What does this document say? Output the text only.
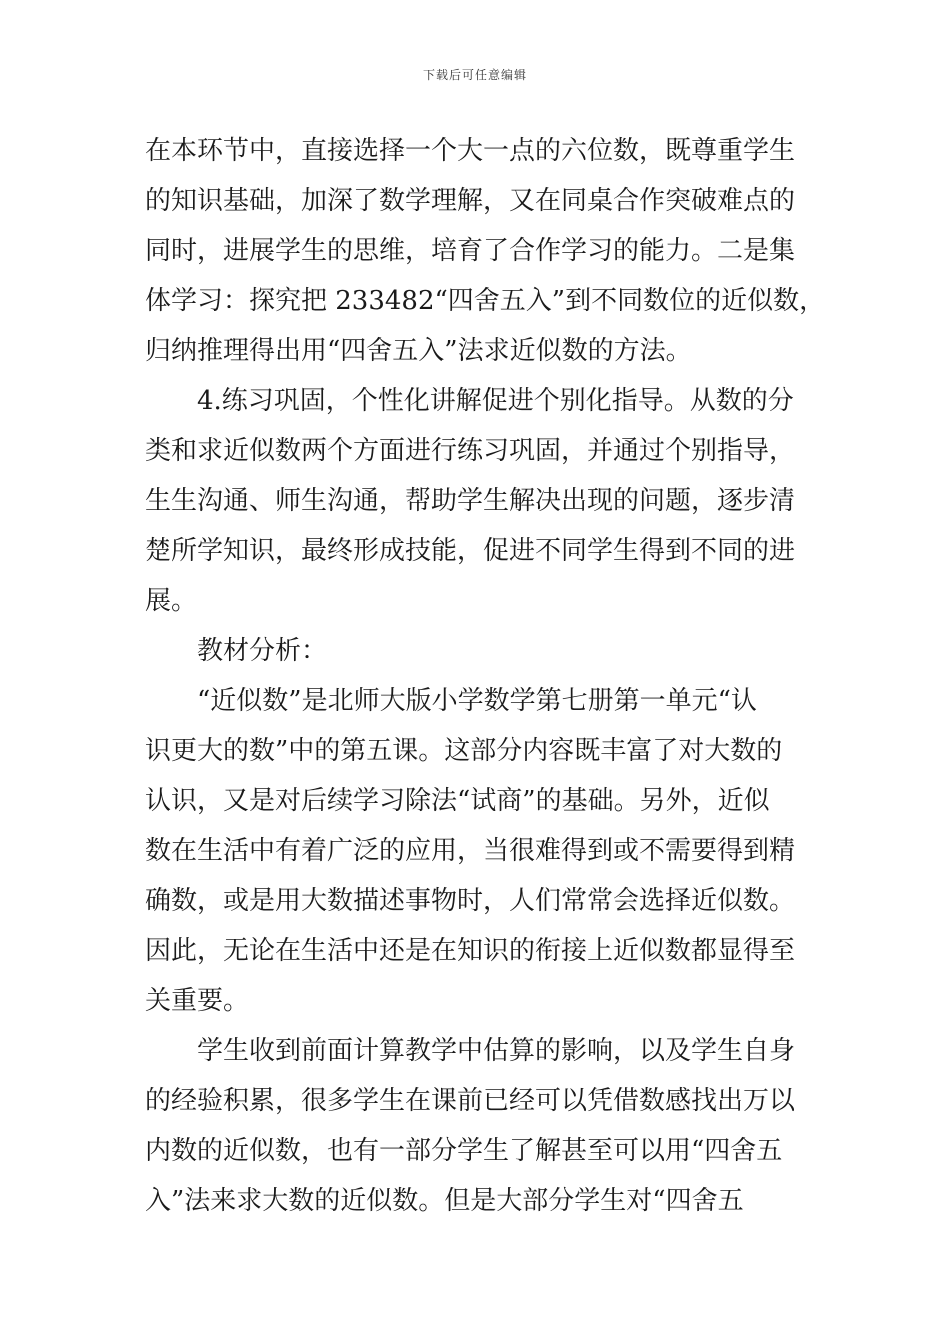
下载后可任意编辑
在本环节中，直接选择一个大一点的六位数，既尊重学生
的知识基础，加深了数学理解，又在同桌合作突破难点的
同时，进展学生的思维，培育了合作学习的能力。二是集
体学习：探究把 233482“四舍五入”到不同数位的近似数，
归纳推理得出用“四舍五入”法求近似数的方法。
4.练习巩固，个性化讲解促进个别化指导。从数的分
类和求近似数两个方面进行练习巩固，并通过个别指导，
生生沟通、师生沟通，帮助学生解决出现的问题，逐步清
楚所学知识，最终形成技能，促进不同学生得到不同的进
展。
教材分析：
“近似数”是北师大版小学数学第七册第一单元“认
识更大的数”中的第五课。这部分内容既丰富了对大数的
认识，又是对后续学习除法“试商”的基础。另外，近似
数在生活中有着广泛的应用，当很难得到或不需要得到精
确数，或是用大数描述事物时，人们常常会选择近似数。
因此，无论在生活中还是在知识的衔接上近似数都显得至
关重要。
学生收到前面计算教学中估算的影响，以及学生自身
的经验积累，很多学生在课前已经可以凭借数感找出万以
内数的近似数，也有一部分学生了解甚至可以用“四舍五
入”法来求大数的近似数。但是大部分学生对“四舍五
